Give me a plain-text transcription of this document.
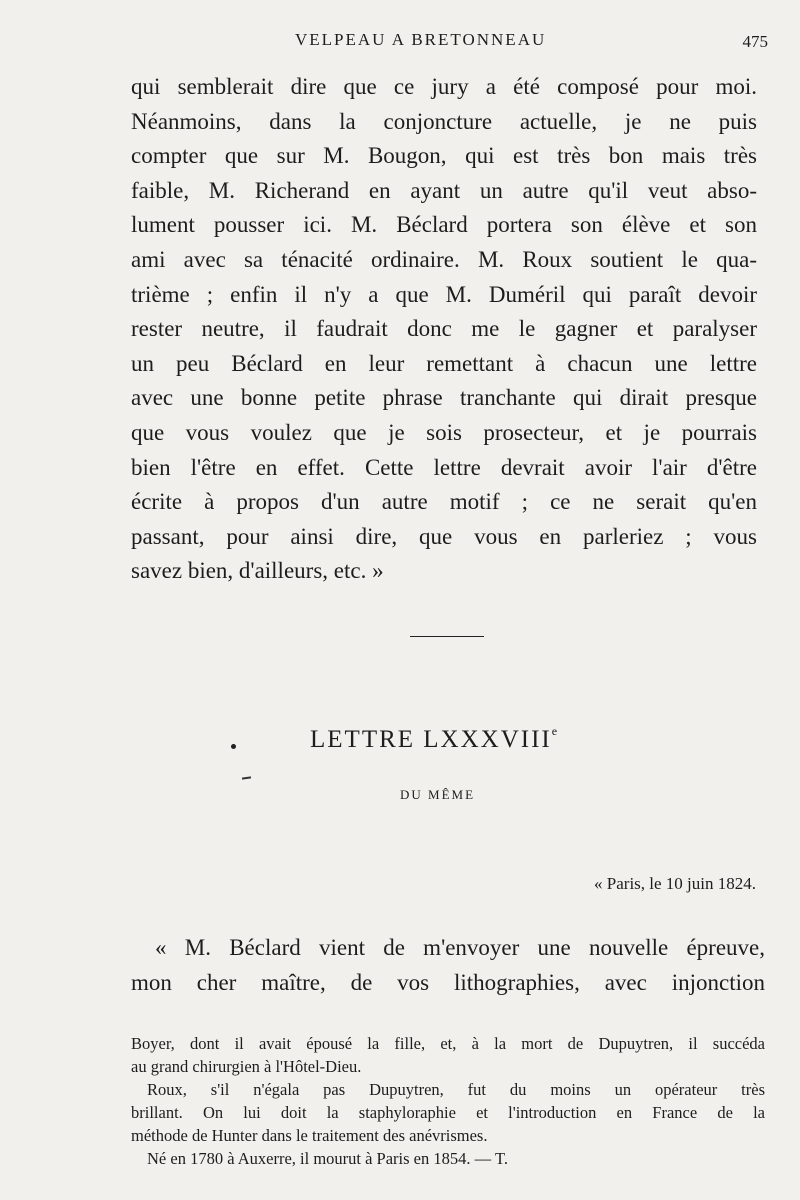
VELPEAU A BRETONNEAU	475
qui semblerait dire que ce jury a été composé pour moi.
Néanmoins, dans la conjoncture actuelle, je ne puis
compter que sur M. Bougon, qui est très bon mais très
faible, M. Richerand en ayant un autre qu'il veut abso-
lument pousser ici. M. Béclard portera son élève et son
ami avec sa ténacité ordinaire. M. Roux soutient le qua-
trième ; enfin il n'y a que M. Duméril qui paraît devoir
rester neutre, il faudrait donc me le gagner et paralyser
un peu Béclard en leur remettant à chacun une lettre
avec une bonne petite phrase tranchante qui dirait presque
que vous voulez que je sois prosecteur, et je pourrais
bien l'être en effet. Cette lettre devrait avoir l'air d'être
écrite à propos d'un autre motif ; ce ne serait qu'en
passant, pour ainsi dire, que vous en parleriez ; vous
savez bien, d'ailleurs, etc. »
LETTRE LXXXVIIIe
DU MÊME
« Paris, le 10 juin 1824.
« M. Béclard vient de m'envoyer une nouvelle épreuve,
mon cher maître, de vos lithographies, avec injonction
Boyer, dont il avait épousé la fille, et, à la mort de Dupuytren, il succéda
au grand chirurgien à l'Hôtel-Dieu.
Roux, s'il n'égala pas Dupuytren, fut du moins un opérateur très
brillant. On lui doit la staphyloraphie et l'introduction en France de la
méthode de Hunter dans le traitement des anévrismes.
Né en 1780 à Auxerre, il mourut à Paris en 1854. — T.
